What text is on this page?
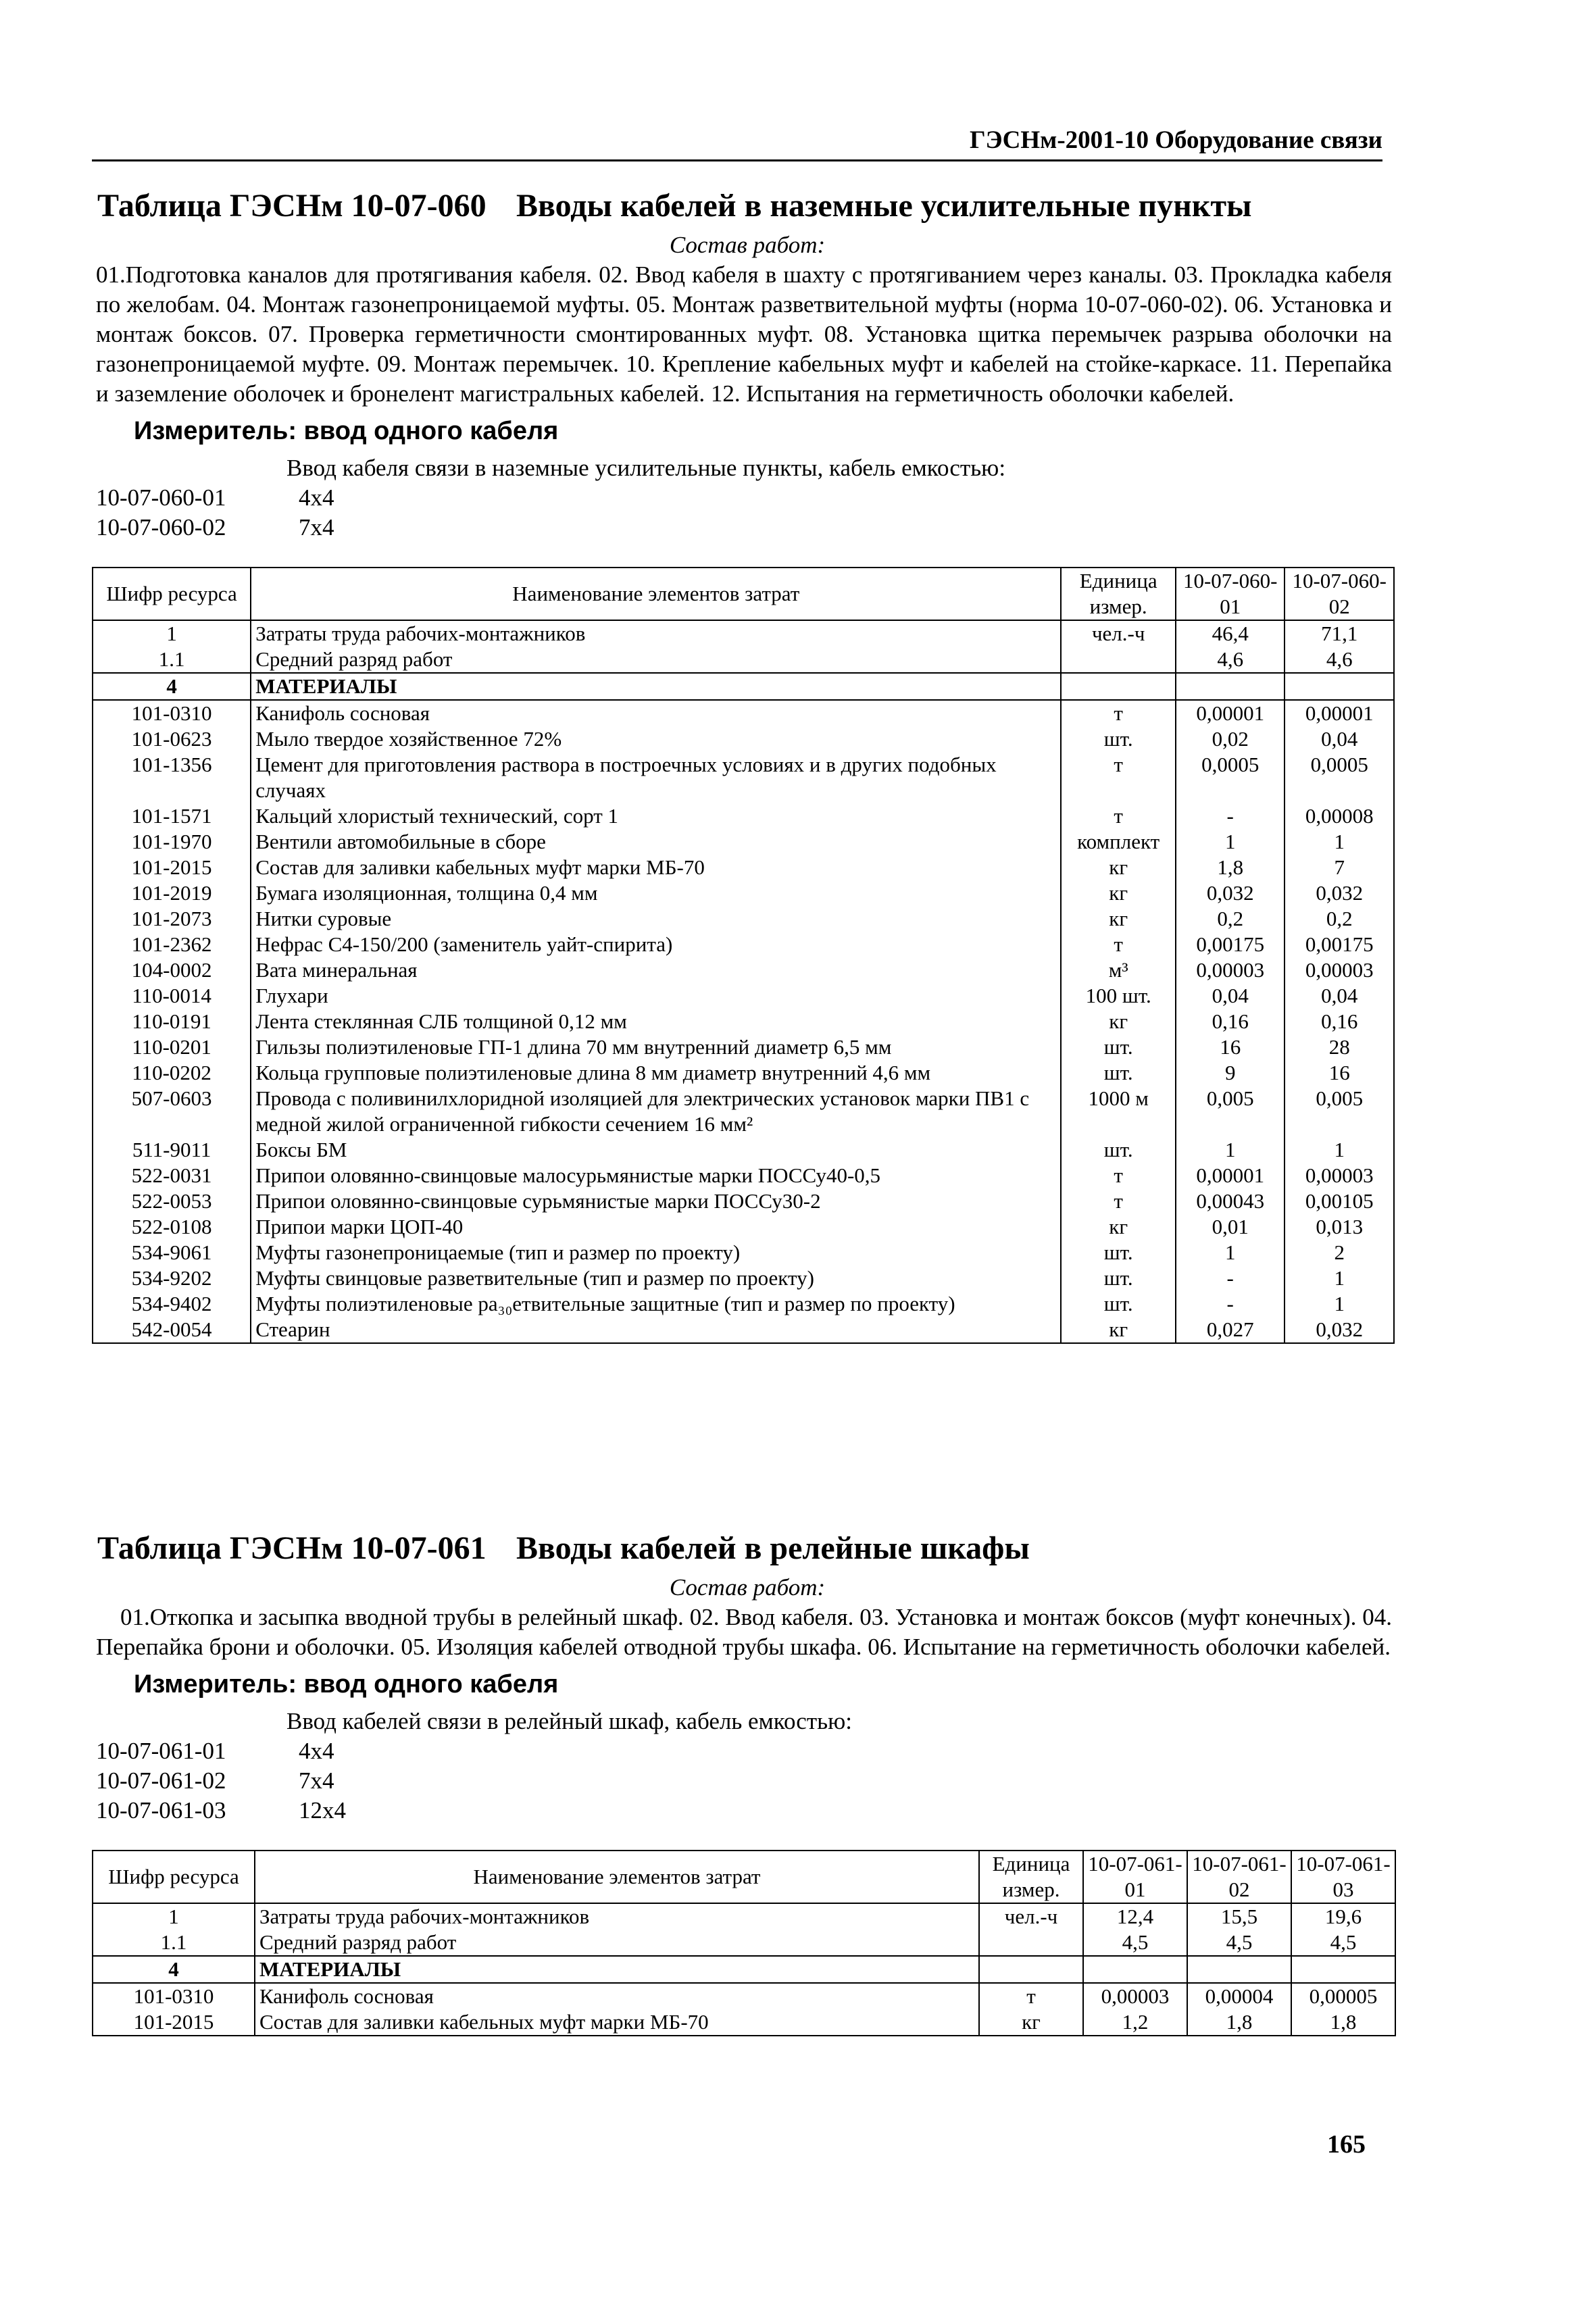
ГЭСНм-2001-10 Оборудование связи
Таблица ГЭСНм 10-07-060 Вводы кабелей в наземные усилительные пункты
Состав работ:
01.Подготовка каналов для протягивания кабеля. 02. Ввод кабеля в шахту с протягиванием через каналы. 03. Прокладка кабеля по желобам. 04. Монтаж газонепроницаемой муфты. 05. Монтаж разветвительной муфты (норма 10-07-060-02). 06. Установка и монтаж боксов. 07. Проверка герметичности смонтированных муфт. 08. Установка щитка перемычек разрыва оболочки на газонепроницаемой муфте. 09. Монтаж перемычек. 10. Крепление кабельных муфт и кабелей на стойке-каркасе. 11. Перепайка и заземление оболочек и бронелент магистральных кабелей. 12. Испытания на герметичность оболочки кабелей.
Измеритель: ввод одного кабеля
Ввод кабеля связи в наземные усилительные пункты, кабель емкостью:
10-07-060-01	4x4
10-07-060-02	7x4
Шифр ресурса	Наименование элементов затрат	Единица измер.	10-07-060-01	10-07-060-02
1	Затраты труда рабочих-монтажников	чел.-ч	46,4	71,1
1.1	Средний разряд работ		4,6	4,6
4	МАТЕРИАЛЫ			
101-0310	Канифоль сосновая	т	0,00001	0,00001
101-0623	Мыло твердое хозяйственное 72%	шт.	0,02	0,04
101-1356	Цемент для приготовления раствора в построечных условиях и в других подобных случаях	т	0,0005	0,0005
101-1571	Кальций хлористый технический, сорт 1	т	-	0,00008
101-1970	Вентили автомобильные в сборе	комплект	1	1
101-2015	Состав для заливки кабельных муфт марки МБ-70	кг	1,8	7
101-2019	Бумага изоляционная, толщина 0,4 мм	кг	0,032	0,032
101-2073	Нитки суровые	кг	0,2	0,2
101-2362	Нефрас С4-150/200 (заменитель уайт-спирита)	т	0,00175	0,00175
104-0002	Вата минеральная	м³	0,00003	0,00003
110-0014	Глухари	100 шт.	0,04	0,04
110-0191	Лента стеклянная СЛБ толщиной 0,12 мм	кг	0,16	0,16
110-0201	Гильзы полиэтиленовые ГП-1 длина 70 мм внутренний диаметр 6,5 мм	шт.	16	28
110-0202	Кольца групповые полиэтиленовые длина 8 мм диаметр внутренний 4,6 мм	шт.	9	16
507-0603	Провода с поливинилхлоридной изоляцией для электрических установок марки ПВ1 с медной жилой ограниченной гибкости сечением 16 мм²	1000 м	0,005	0,005
511-9011	Боксы БМ	шт.	1	1
522-0031	Припои оловянно-свинцовые малосурьмянистые марки ПОССу40-0,5	т	0,00001	0,00003
522-0053	Припои оловянно-свинцовые сурьмянистые марки ПОССу30-2	т	0,00043	0,00105
522-0108	Припои марки ЦОП-40	кг	0,01	0,013
534-9061	Муфты газонепроницаемые (тип и размер по проекту)	шт.	1	2
534-9202	Муфты свинцовые разветвительные (тип и размер по проекту)	шт.	-	1
534-9402	Муфты полиэтиленовые ра₃₀етвительные защитные (тип и размер по проекту)	шт.	-	1
542-0054	Стеарин	кг	0,027	0,032
Таблица ГЭСНм 10-07-061 Вводы кабелей в релейные шкафы
Состав работ:
01.Откопка и засыпка вводной трубы в релейный шкаф. 02. Ввод кабеля. 03. Установка и монтаж боксов (муфт конечных). 04. Перепайка брони и оболочки. 05. Изоляция кабелей отводной трубы шкафа. 06. Испытание на герметичность оболочки кабелей.
Измеритель: ввод одного кабеля
Ввод кабелей связи в релейный шкаф, кабель емкостью:
10-07-061-01	4x4
10-07-061-02	7x4
10-07-061-03	12x4
Шифр ресурса	Наименование элементов затрат	Единица измер.	10-07-061-01	10-07-061-02	10-07-061-03
1	Затраты труда рабочих-монтажников	чел.-ч	12,4	15,5	19,6
1.1	Средний разряд работ		4,5	4,5	4,5
4	МАТЕРИАЛЫ				
101-0310	Канифоль сосновая	т	0,00003	0,00004	0,00005
101-2015	Состав для заливки кабельных муфт марки МБ-70	кг	1,2	1,8	1,8
165
